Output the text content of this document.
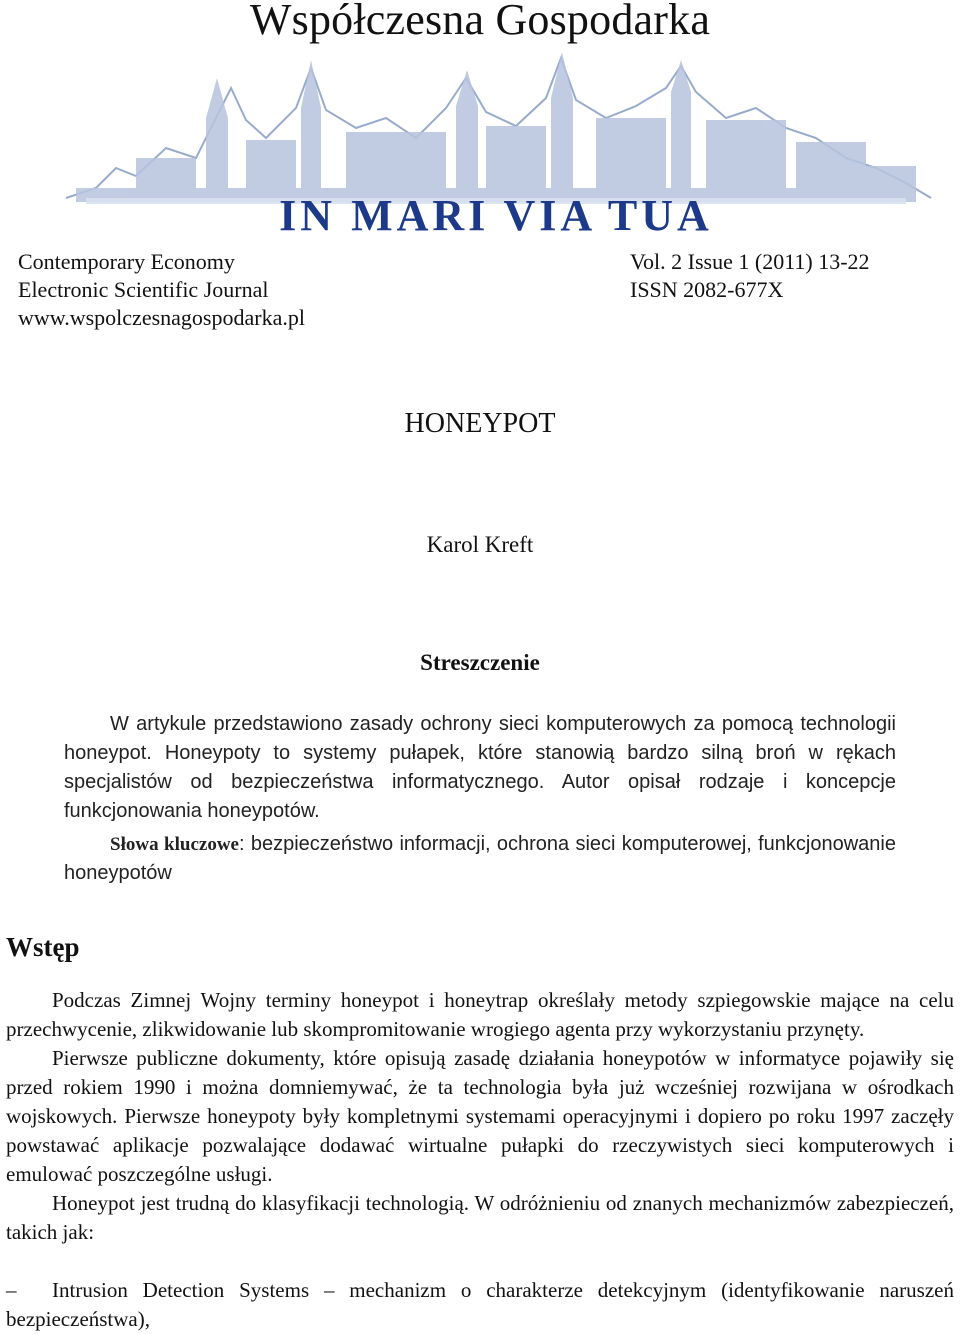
Współczesna Gospodarka
IN MARI VIA TUA
Contemporary Economy
Electronic Scientific Journal
www.wspolczesnagospodarka.pl
Vol. 2 Issue 1 (2011) 13-22
ISSN 2082-677X
HONEYPOT
Karol Kreft
Streszczenie

W artykule przedstawiono zasady ochrony sieci komputerowych za pomocą technologii honeypot. Honeypoty to systemy pułapek, które stanowią bardzo silną broń w rękach specjalistów od bezpieczeństwa informatycznego. Autor opisał rodzaje i koncepcje funkcjonowania honeypotów.

Słowa kluczowe: bezpieczeństwo informacji, ochrona sieci komputerowej, funkcjonowanie honeypotów

Wstęp

Podczas Zimnej Wojny terminy honeypot i honeytrap określały metody szpiegowskie mające na celu przechwycenie, zlikwidowanie lub skompromitowanie wrogiego agenta przy wykorzystaniu przynęty.

Pierwsze publiczne dokumenty, które opisują zasadę działania honeypotów w informatyce pojawiły się przed rokiem 1990 i można domniemywać, że ta technologia była już wcześniej rozwijana w ośrodkach wojskowych. Pierwsze honeypoty były kompletnymi systemami operacyjnymi i dopiero po roku 1997 zaczęły powstawać aplikacje pozwalające dodawać wirtualne pułapki do rzeczywistych sieci komputerowych i emulować poszczególne usługi.

Honeypot jest trudną do klasyfikacji technologią. W odróżnieniu od znanych mechanizmów zabezpieczeń, takich jak:

– Intrusion Detection Systems – mechanizm o charakterze detekcyjnym (identyfikowanie naruszeń bezpieczeństwa),
